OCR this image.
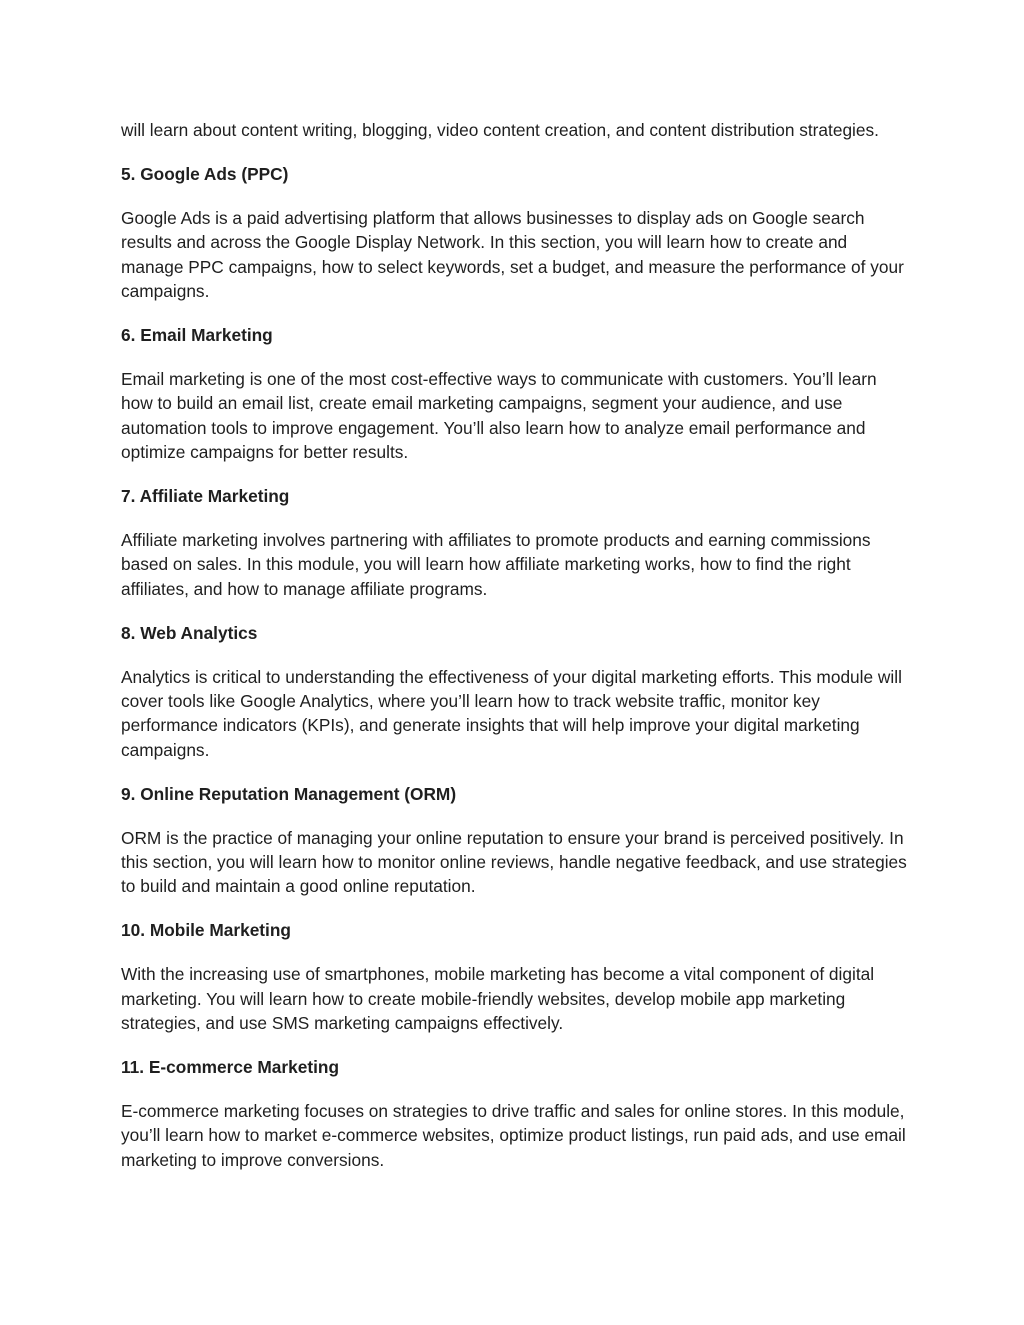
will learn about content writing, blogging, video content creation, and content distribution strategies.

5. Google Ads (PPC)

Google Ads is a paid advertising platform that allows businesses to display ads on Google search results and across the Google Display Network. In this section, you will learn how to create and manage PPC campaigns, how to select keywords, set a budget, and measure the performance of your campaigns.

6. Email Marketing

Email marketing is one of the most cost-effective ways to communicate with customers. You’ll learn how to build an email list, create email marketing campaigns, segment your audience, and use automation tools to improve engagement. You’ll also learn how to analyze email performance and optimize campaigns for better results.

7. Affiliate Marketing

Affiliate marketing involves partnering with affiliates to promote products and earning commissions based on sales. In this module, you will learn how affiliate marketing works, how to find the right affiliates, and how to manage affiliate programs.

8. Web Analytics

Analytics is critical to understanding the effectiveness of your digital marketing efforts. This module will cover tools like Google Analytics, where you’ll learn how to track website traffic, monitor key performance indicators (KPIs), and generate insights that will help improve your digital marketing campaigns.

9. Online Reputation Management (ORM)

ORM is the practice of managing your online reputation to ensure your brand is perceived positively. In this section, you will learn how to monitor online reviews, handle negative feedback, and use strategies to build and maintain a good online reputation.

10. Mobile Marketing

With the increasing use of smartphones, mobile marketing has become a vital component of digital marketing. You will learn how to create mobile-friendly websites, develop mobile app marketing strategies, and use SMS marketing campaigns effectively.

11. E-commerce Marketing

E-commerce marketing focuses on strategies to drive traffic and sales for online stores. In this module, you’ll learn how to market e-commerce websites, optimize product listings, run paid ads, and use email marketing to improve conversions.
